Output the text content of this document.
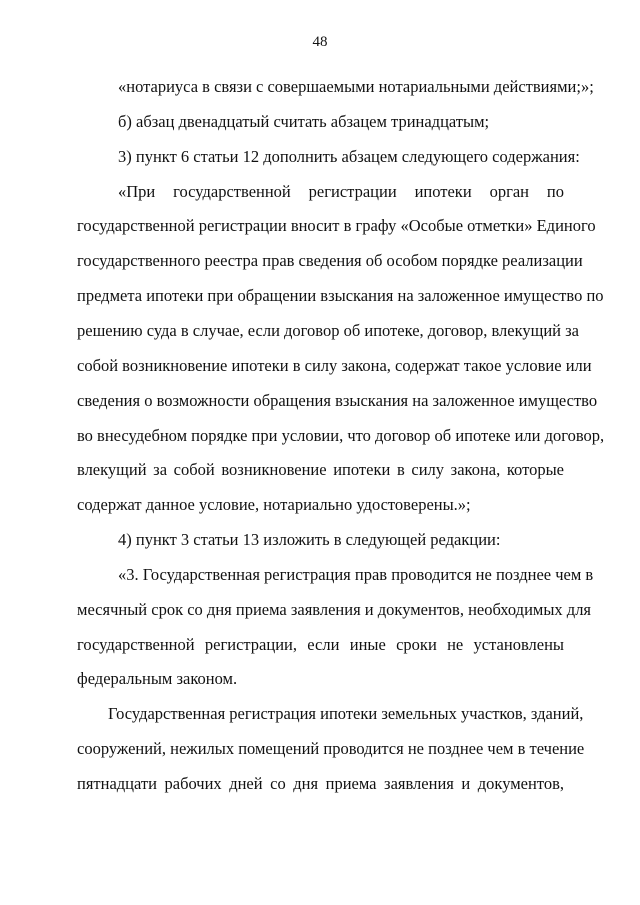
48
«нотариуса в связи с совершаемыми нотариальными действиями;»;
б) абзац двенадцатый считать абзацем тринадцатым;
3) пункт 6 статьи 12 дополнить абзацем следующего содержания:
«При государственной регистрации ипотеки орган по
государственной регистрации вносит в графу «Особые отметки» Единого
государственного реестра прав сведения об особом порядке реализации
предмета ипотеки при обращении взыскания на заложенное имущество по
решению суда в случае, если договор об ипотеке, договор, влекущий за
собой возникновение ипотеки в силу закона, содержат такое условие или
сведения о возможности обращения взыскания на заложенное имущество
во внесудебном порядке при условии, что договор об ипотеке или договор,
влекущий за собой возникновение ипотеки в силу закона, которые
содержат данное условие, нотариально удостоверены.»;
4) пункт 3 статьи 13 изложить в следующей редакции:
«3. Государственная регистрация прав проводится не позднее чем в
месячный срок со дня приема заявления и документов, необходимых для
государственной регистрации, если иные сроки не установлены
федеральным законом.
Государственная регистрация ипотеки земельных участков, зданий,
сооружений, нежилых помещений проводится не позднее чем в течение
пятнадцати рабочих дней со дня приема заявления и документов,
